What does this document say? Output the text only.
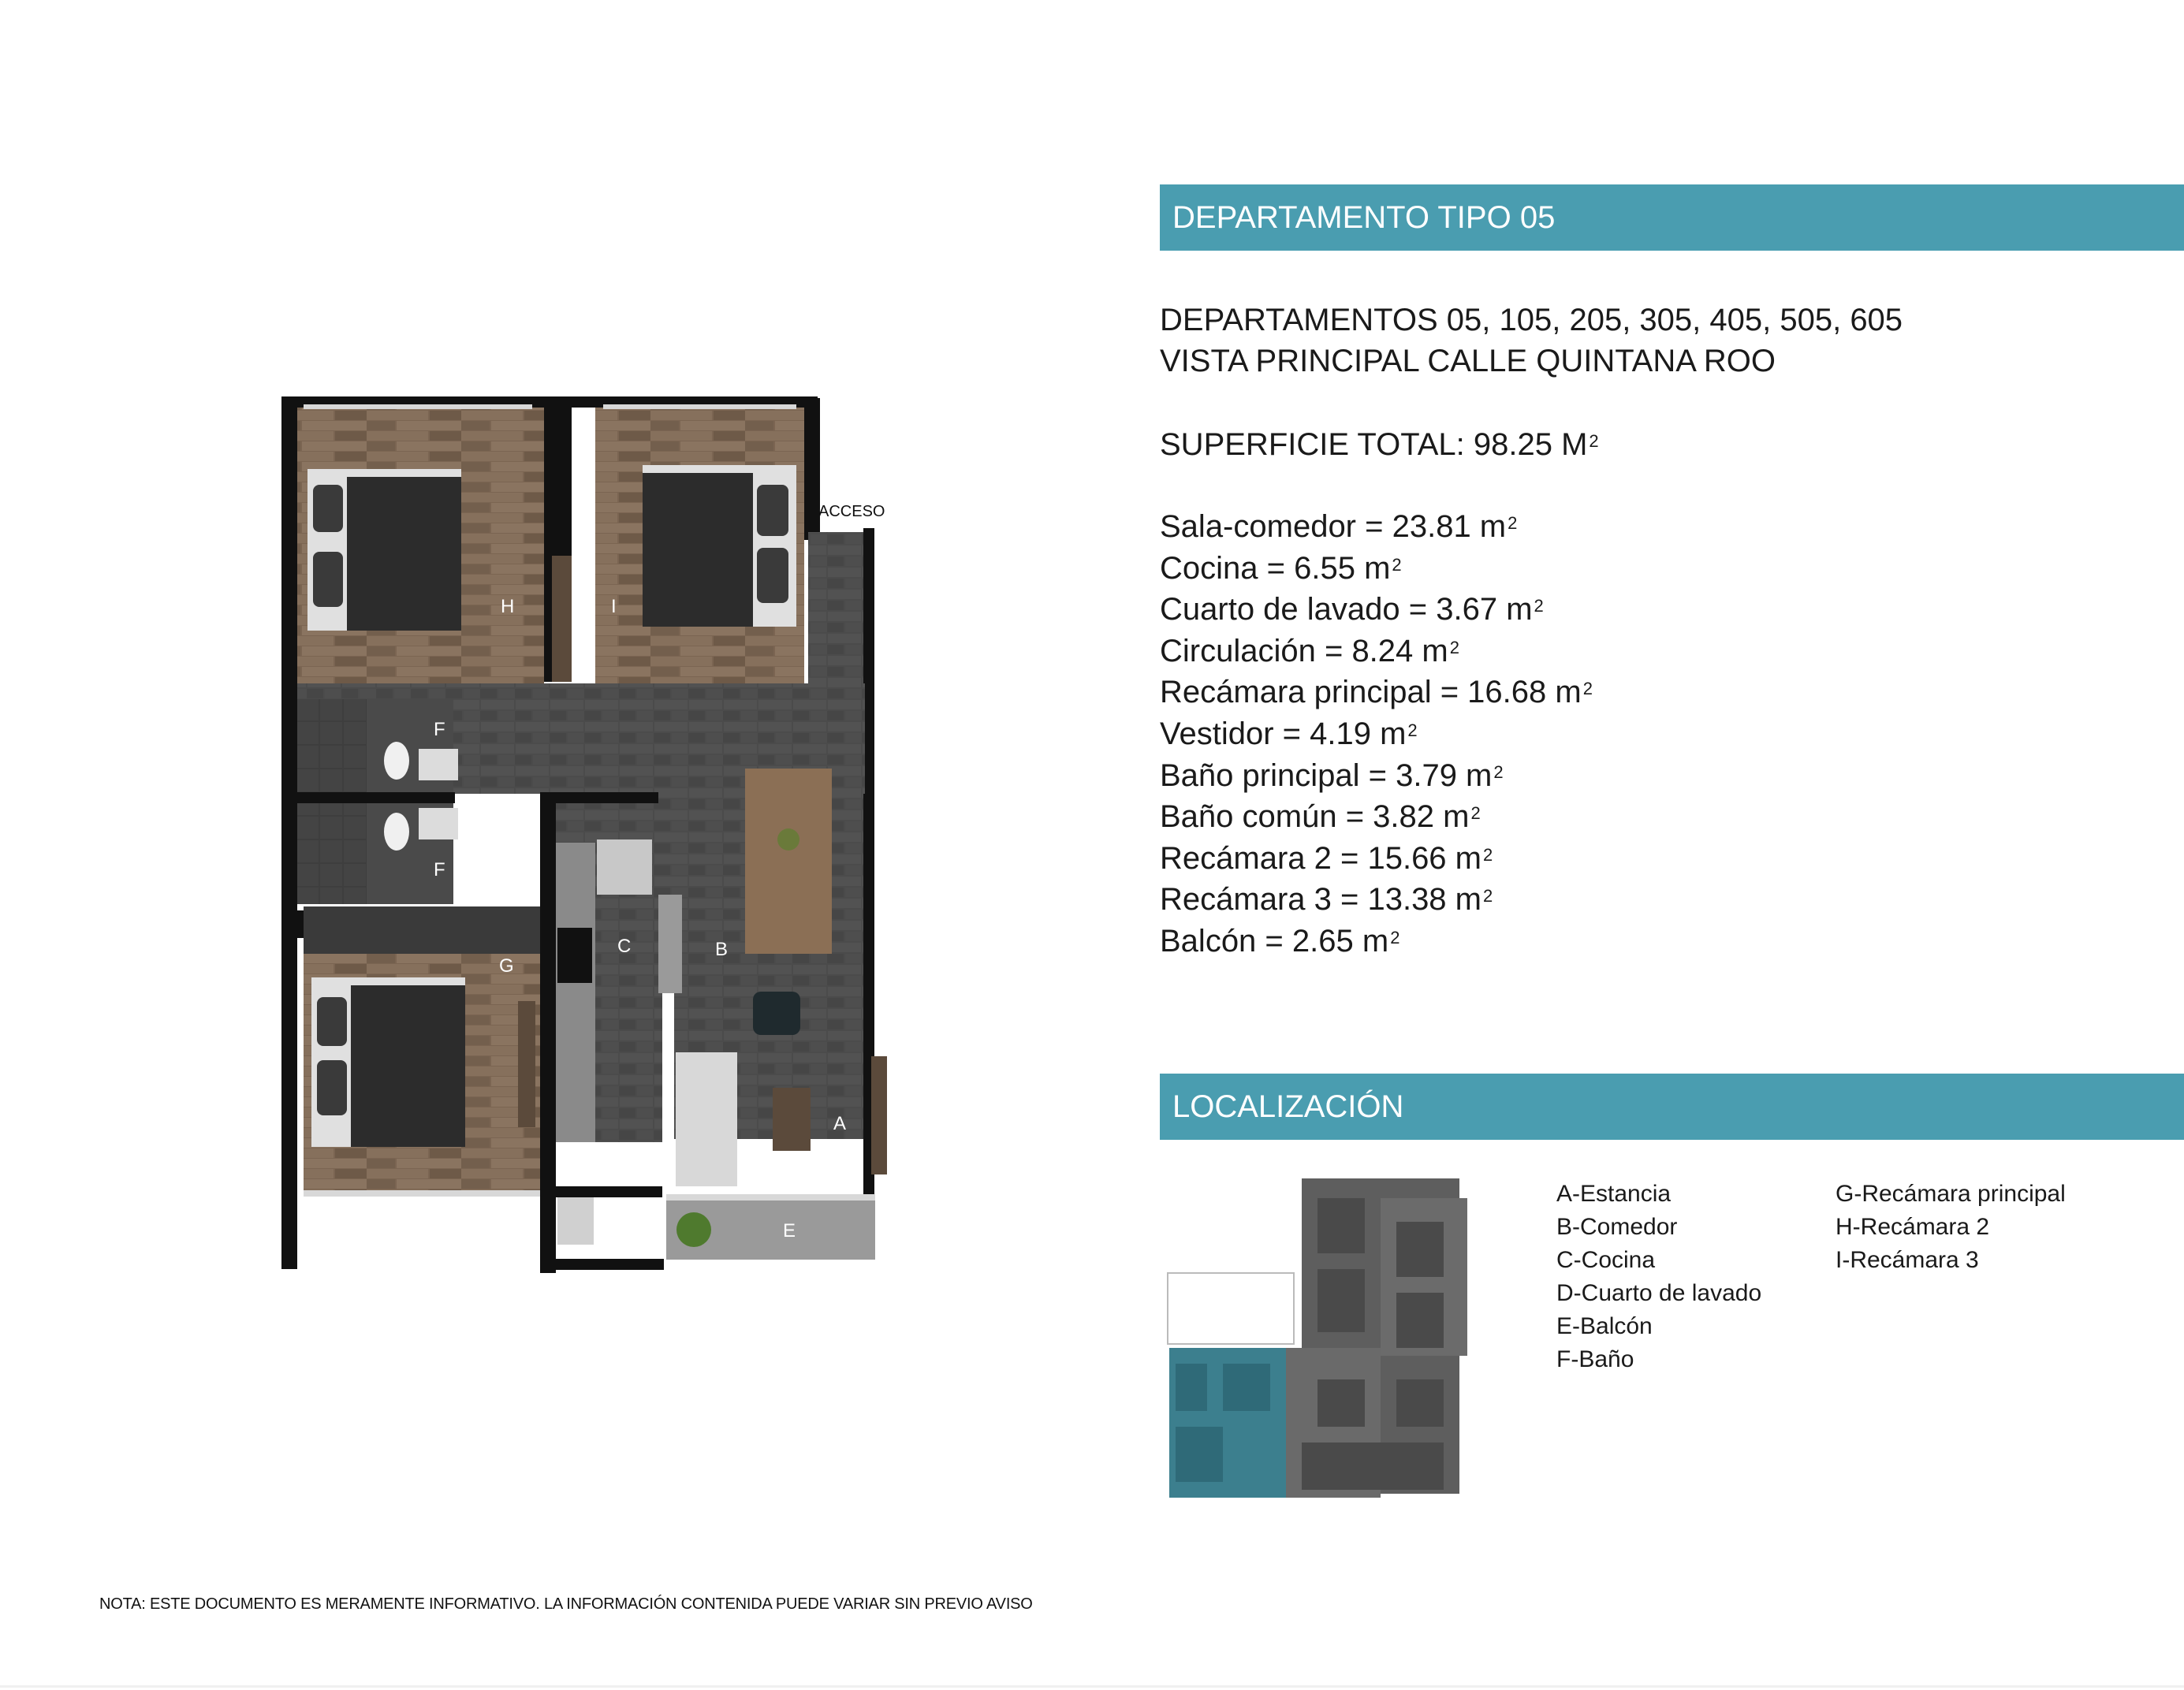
DEPARTAMENTO TIPO 05
DEPARTAMENTOS 05, 105, 205, 305, 405, 505, 605
VISTA PRINCIPAL CALLE QUINTANA ROO
SUPERFICIE TOTAL: 98.25 $M^2$
Sala-comedor = 23.81 $m^2$
Cocina = 6.55 $m^2$
Cuarto de lavado = 3.67 $m^2$
Circulación = 8.24 $m^2$
Recámara principal = 16.68 $m^2$
Vestidor = 4.19 $m^2$
Baño principal = 3.79 $m^2$
Baño común = 3.82 $m^2$
Recámara 2 = 15.66 $m^2$
Recámara 3 = 13.38 $m^2$
Balcón = 2.65 $m^2$
LOCALIZACIÓN
A-Estancia
B-Comedor
C-Cocina
D-Cuarto de lavado
E-Balcón
F-Baño
G-Recámara principal
H-Recámara 2
I-Recámara 3
H	I
ACCESO
F
F
G
C
D
B
A
E
NOTA: ESTE DOCUMENTO ES MERAMENTE INFORMATIVO. LA INFORMACIÓN CONTENIDA PUEDE VARIAR SIN PREVIO AVISO
